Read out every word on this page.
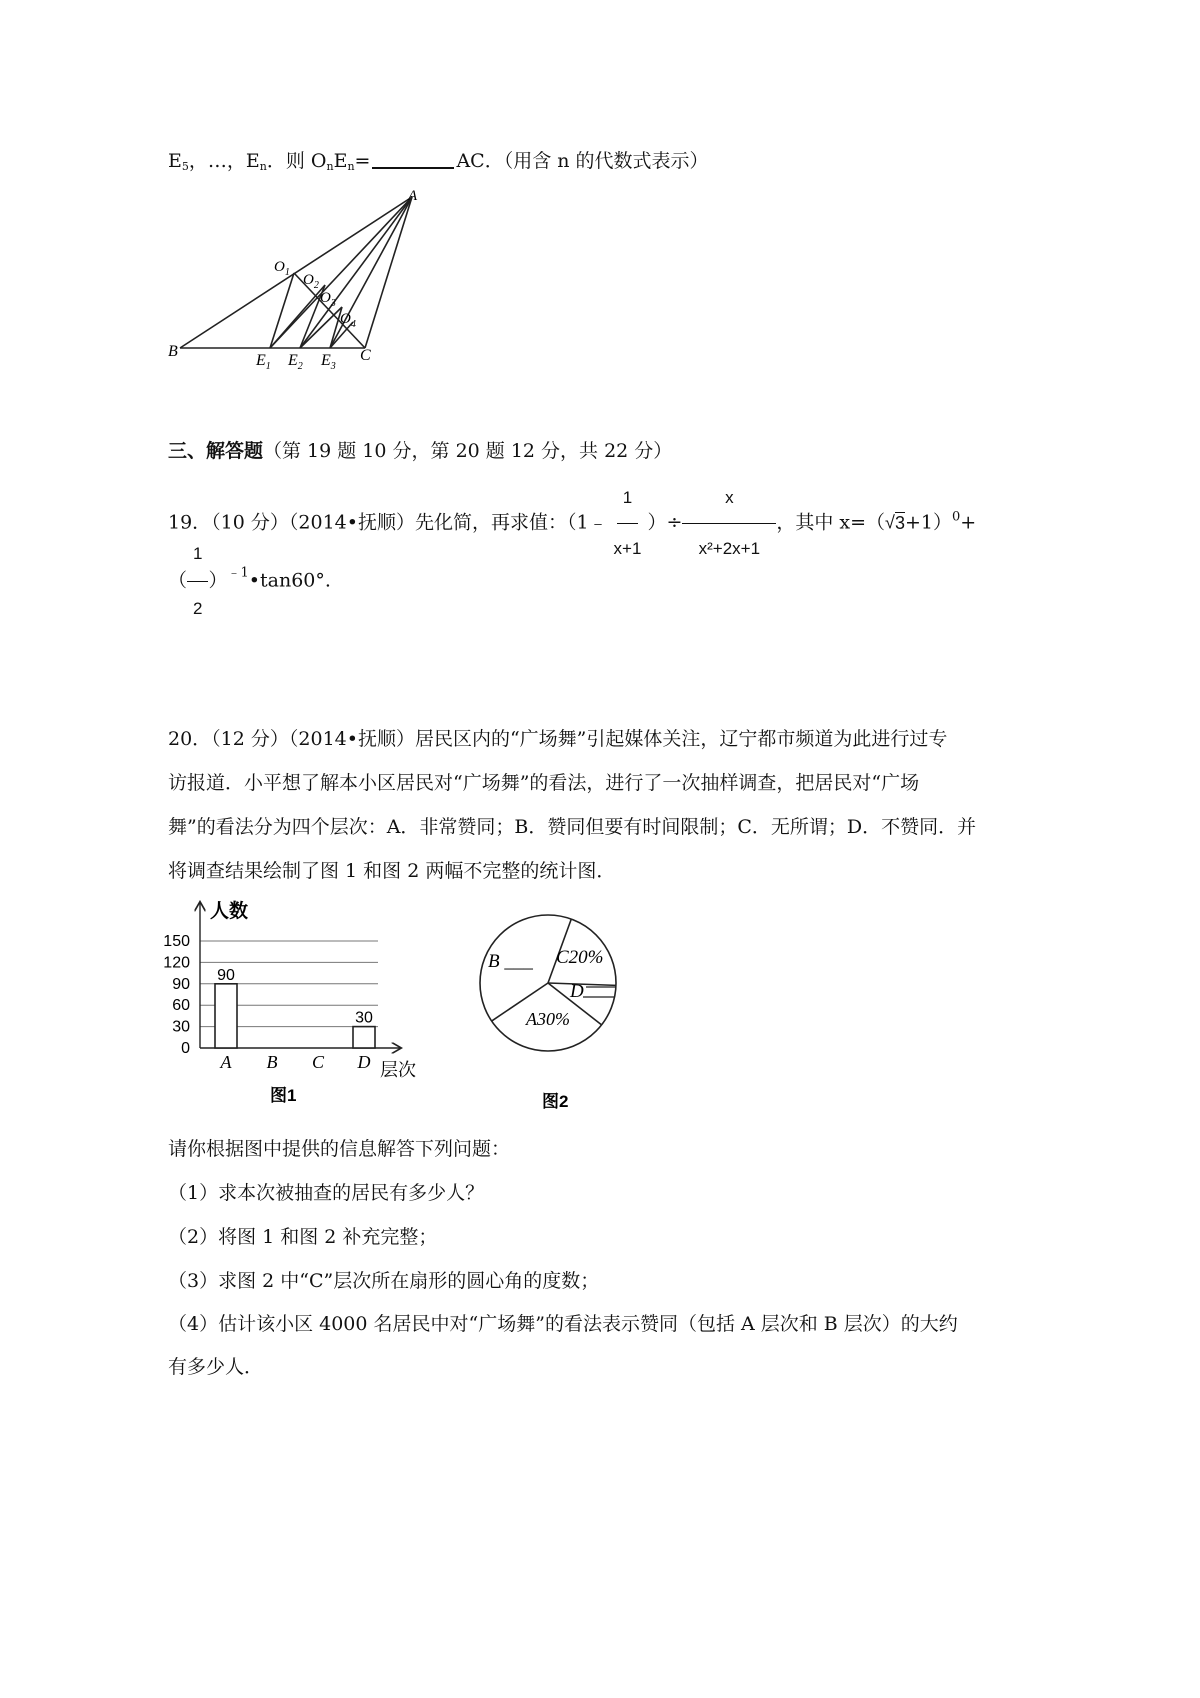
$E_5$，…，$E_n$．则 $O_nE_n=$	AC．（用含 n 的代数式表示）
A
B	C
$O_1$ $O_2$
$O_3$
$O_4$
$E_1$ $E_2$ $E_3$
三、解答题（第 19 题 10 分，第 20 题 12 分，共 22 分）
19．（10 分）（2014•抚顺）先化简，再求值：（1﹣ $\frac{1}{x+1}$ ）÷ $\frac{x}{\text{x²+2x+1}}$ ，其中 $x=(√3+1)^0+$
（ $\frac{1}{2}$ ）$^{﹣1}$•tan60°.
20．（12 分）（2014•抚顺）居民区内的“广场舞”引起媒体关注，辽宁都市频道为此进行过专
访报道．小平想了解本小区居民对“广场舞”的看法，进行了一次抽样调查，把居民对“广场
舞”的看法分为四个层次：A．非常赞同；B．赞同但要有时间限制；C．无所谓；D．不赞同．并
将调查结果绘制了图 1 和图 2 两幅不完整的统计图．
0
30
60
90
120
150
90
30
A B C D
人数
层次
图1
B ___ C20%
D
A30%
图2
请你根据图中提供的信息解答下列问题：
（1）求本次被抽查的居民有多少人？
（2）将图 1 和图 2 补充完整；
（3）求图 2 中“C”层次所在扇形的圆心角的度数；
（4）估计该小区 4000 名居民中对“广场舞”的看法表示赞同（包括 A 层次和 B 层次）的大约
有多少人．
